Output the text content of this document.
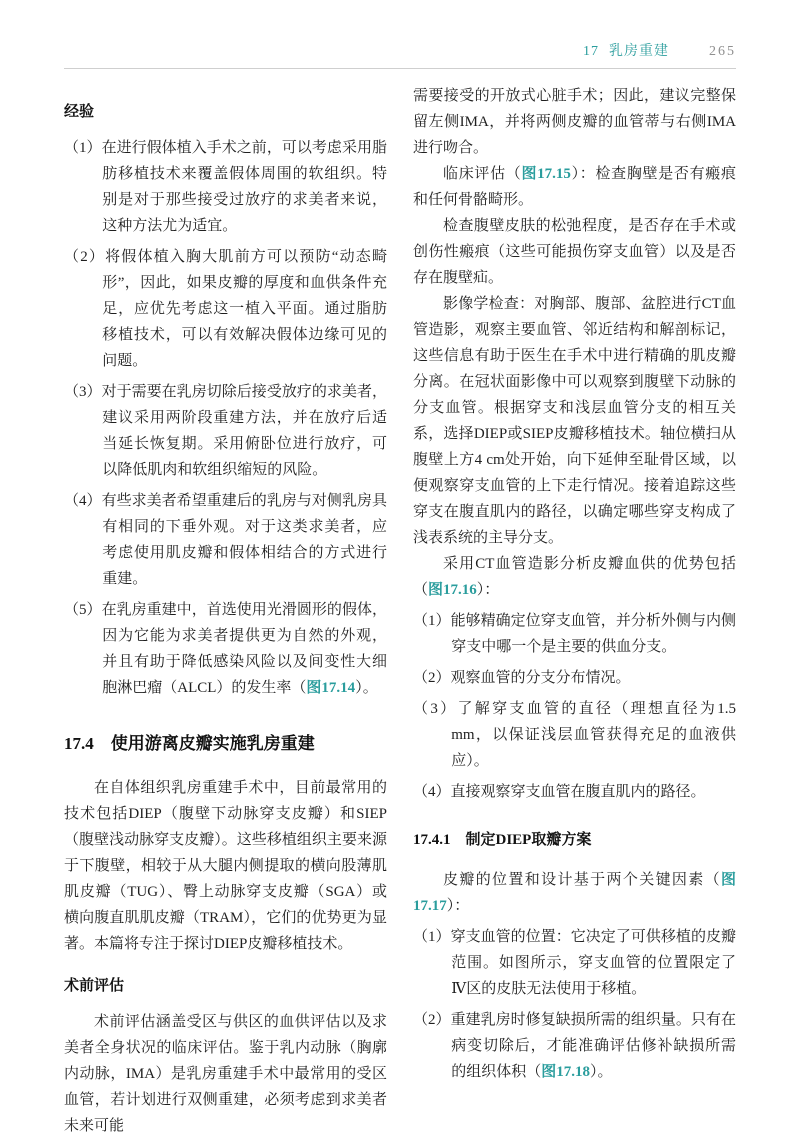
17 乳房重建	265
经验
（1）在进行假体植入手术之前，可以考虑采用脂肪移植技术来覆盖假体周围的软组织。特别是对于那些接受过放疗的求美者来说，这种方法尤为适宜。
（2）将假体植入胸大肌前方可以预防“动态畸形”，因此，如果皮瓣的厚度和血供条件充足，应优先考虑这一植入平面。通过脂肪移植技术，可以有效解决假体边缘可见的问题。
（3）对于需要在乳房切除后接受放疗的求美者，建议采用两阶段重建方法，并在放疗后适当延长恢复期。采用俯卧位进行放疗，可以降低肌肉和软组织缩短的风险。
（4）有些求美者希望重建后的乳房与对侧乳房具有相同的下垂外观。对于这类求美者，应考虑使用肌皮瓣和假体相结合的方式进行重建。
（5）在乳房重建中，首选使用光滑圆形的假体，因为它能为求美者提供更为自然的外观，并且有助于降低感染风险以及间变性大细胞淋巴瘤（ALCL）的发生率（图17.14）。
17.4　使用游离皮瓣实施乳房重建
在自体组织乳房重建手术中，目前最常用的技术包括DIEP（腹壁下动脉穿支皮瓣）和SIEP（腹壁浅动脉穿支皮瓣）。这些移植组织主要来源于下腹壁，相较于从大腿内侧提取的横向股薄肌肌皮瓣（TUG）、臀上动脉穿支皮瓣（SGA）或横向腹直肌肌皮瓣（TRAM），它们的优势更为显著。本篇将专注于探讨DIEP皮瓣移植技术。
术前评估
术前评估涵盖受区与供区的血供评估以及求美者全身状况的临床评估。鉴于乳内动脉（胸廓内动脉，IMA）是乳房重建手术中最常用的受区血管，若计划进行双侧重建，必须考虑到求美者未来可能
需要接受的开放式心脏手术；因此，建议完整保留左侧IMA，并将两侧皮瓣的血管蒂与右侧IMA进行吻合。
临床评估（图17.15）：检查胸壁是否有瘢痕和任何骨骼畸形。
检查腹壁皮肤的松弛程度，是否存在手术或创伤性瘢痕（这些可能损伤穿支血管）以及是否存在腹壁疝。
影像学检查：对胸部、腹部、盆腔进行CT血管造影，观察主要血管、邻近结构和解剖标记，这些信息有助于医生在手术中进行精确的肌皮瓣分离。在冠状面影像中可以观察到腹壁下动脉的分支血管。根据穿支和浅层血管分支的相互关系，选择DIEP或SIEP皮瓣移植技术。轴位横扫从腹壁上方4 cm处开始，向下延伸至耻骨区域，以便观察穿支血管的上下走行情况。接着追踪这些穿支在腹直肌内的路径，以确定哪些穿支构成了浅表系统的主导分支。
采用CT血管造影分析皮瓣血供的优势包括（图17.16）：
（1）能够精确定位穿支血管，并分析外侧与内侧穿支中哪一个是主要的供血分支。
（2）观察血管的分支分布情况。
（3）了解穿支血管的直径（理想直径为1.5 mm，以保证浅层血管获得充足的血液供应）。
（4）直接观察穿支血管在腹直肌内的路径。
17.4.1　制定DIEP取瓣方案
皮瓣的位置和设计基于两个关键因素（图17.17）：
（1）穿支血管的位置：它决定了可供移植的皮瓣范围。如图所示，穿支血管的位置限定了Ⅳ区的皮肤无法使用于移植。
（2）重建乳房时修复缺损所需的组织量。只有在病变切除后，才能准确评估修补缺损所需的组织体积（图17.18）。
